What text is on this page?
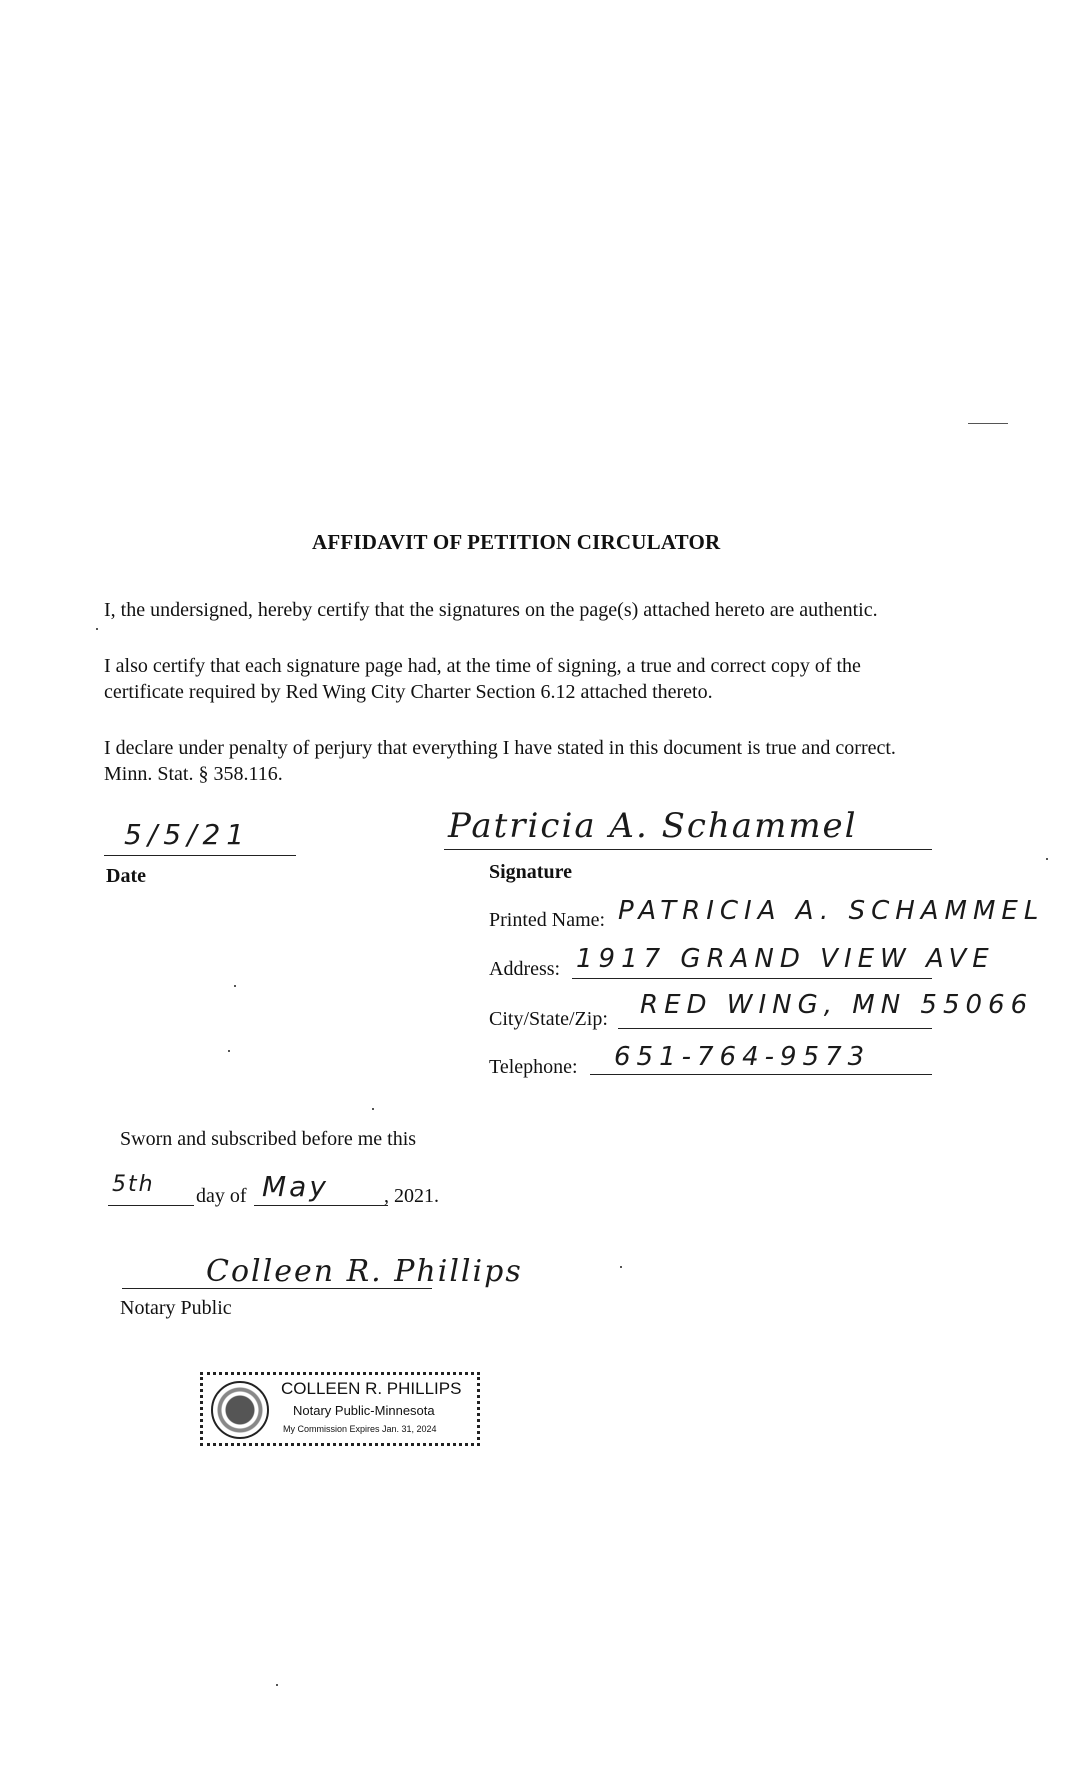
AFFIDAVIT OF PETITION CIRCULATOR
I, the undersigned, hereby certify that the signatures on the page(s) attached hereto are authentic.
I also certify that each signature page had, at the time of signing, a true and correct copy of the
certificate required by Red Wing City Charter Section 6.12 attached thereto.
I declare under penalty of perjury that everything I have stated in this document is true and correct.
Minn. Stat. § 358.116.
5/5/21
Date
Patricia A. Schammel
Signature
Printed Name: PATRICIA A. SCHAMMEL
Address: 1917 GRAND VIEW AVE
City/State/Zip: RED WING, MN 55066
Telephone: 651-764-9573
Sworn and subscribed before me this
5th day of May	, 2021.
Colleen R. Phillips
Notary Public
COLLEEN R. PHILLIPS
Notary Public-Minnesota
My Commission Expires Jan. 31, 2024
